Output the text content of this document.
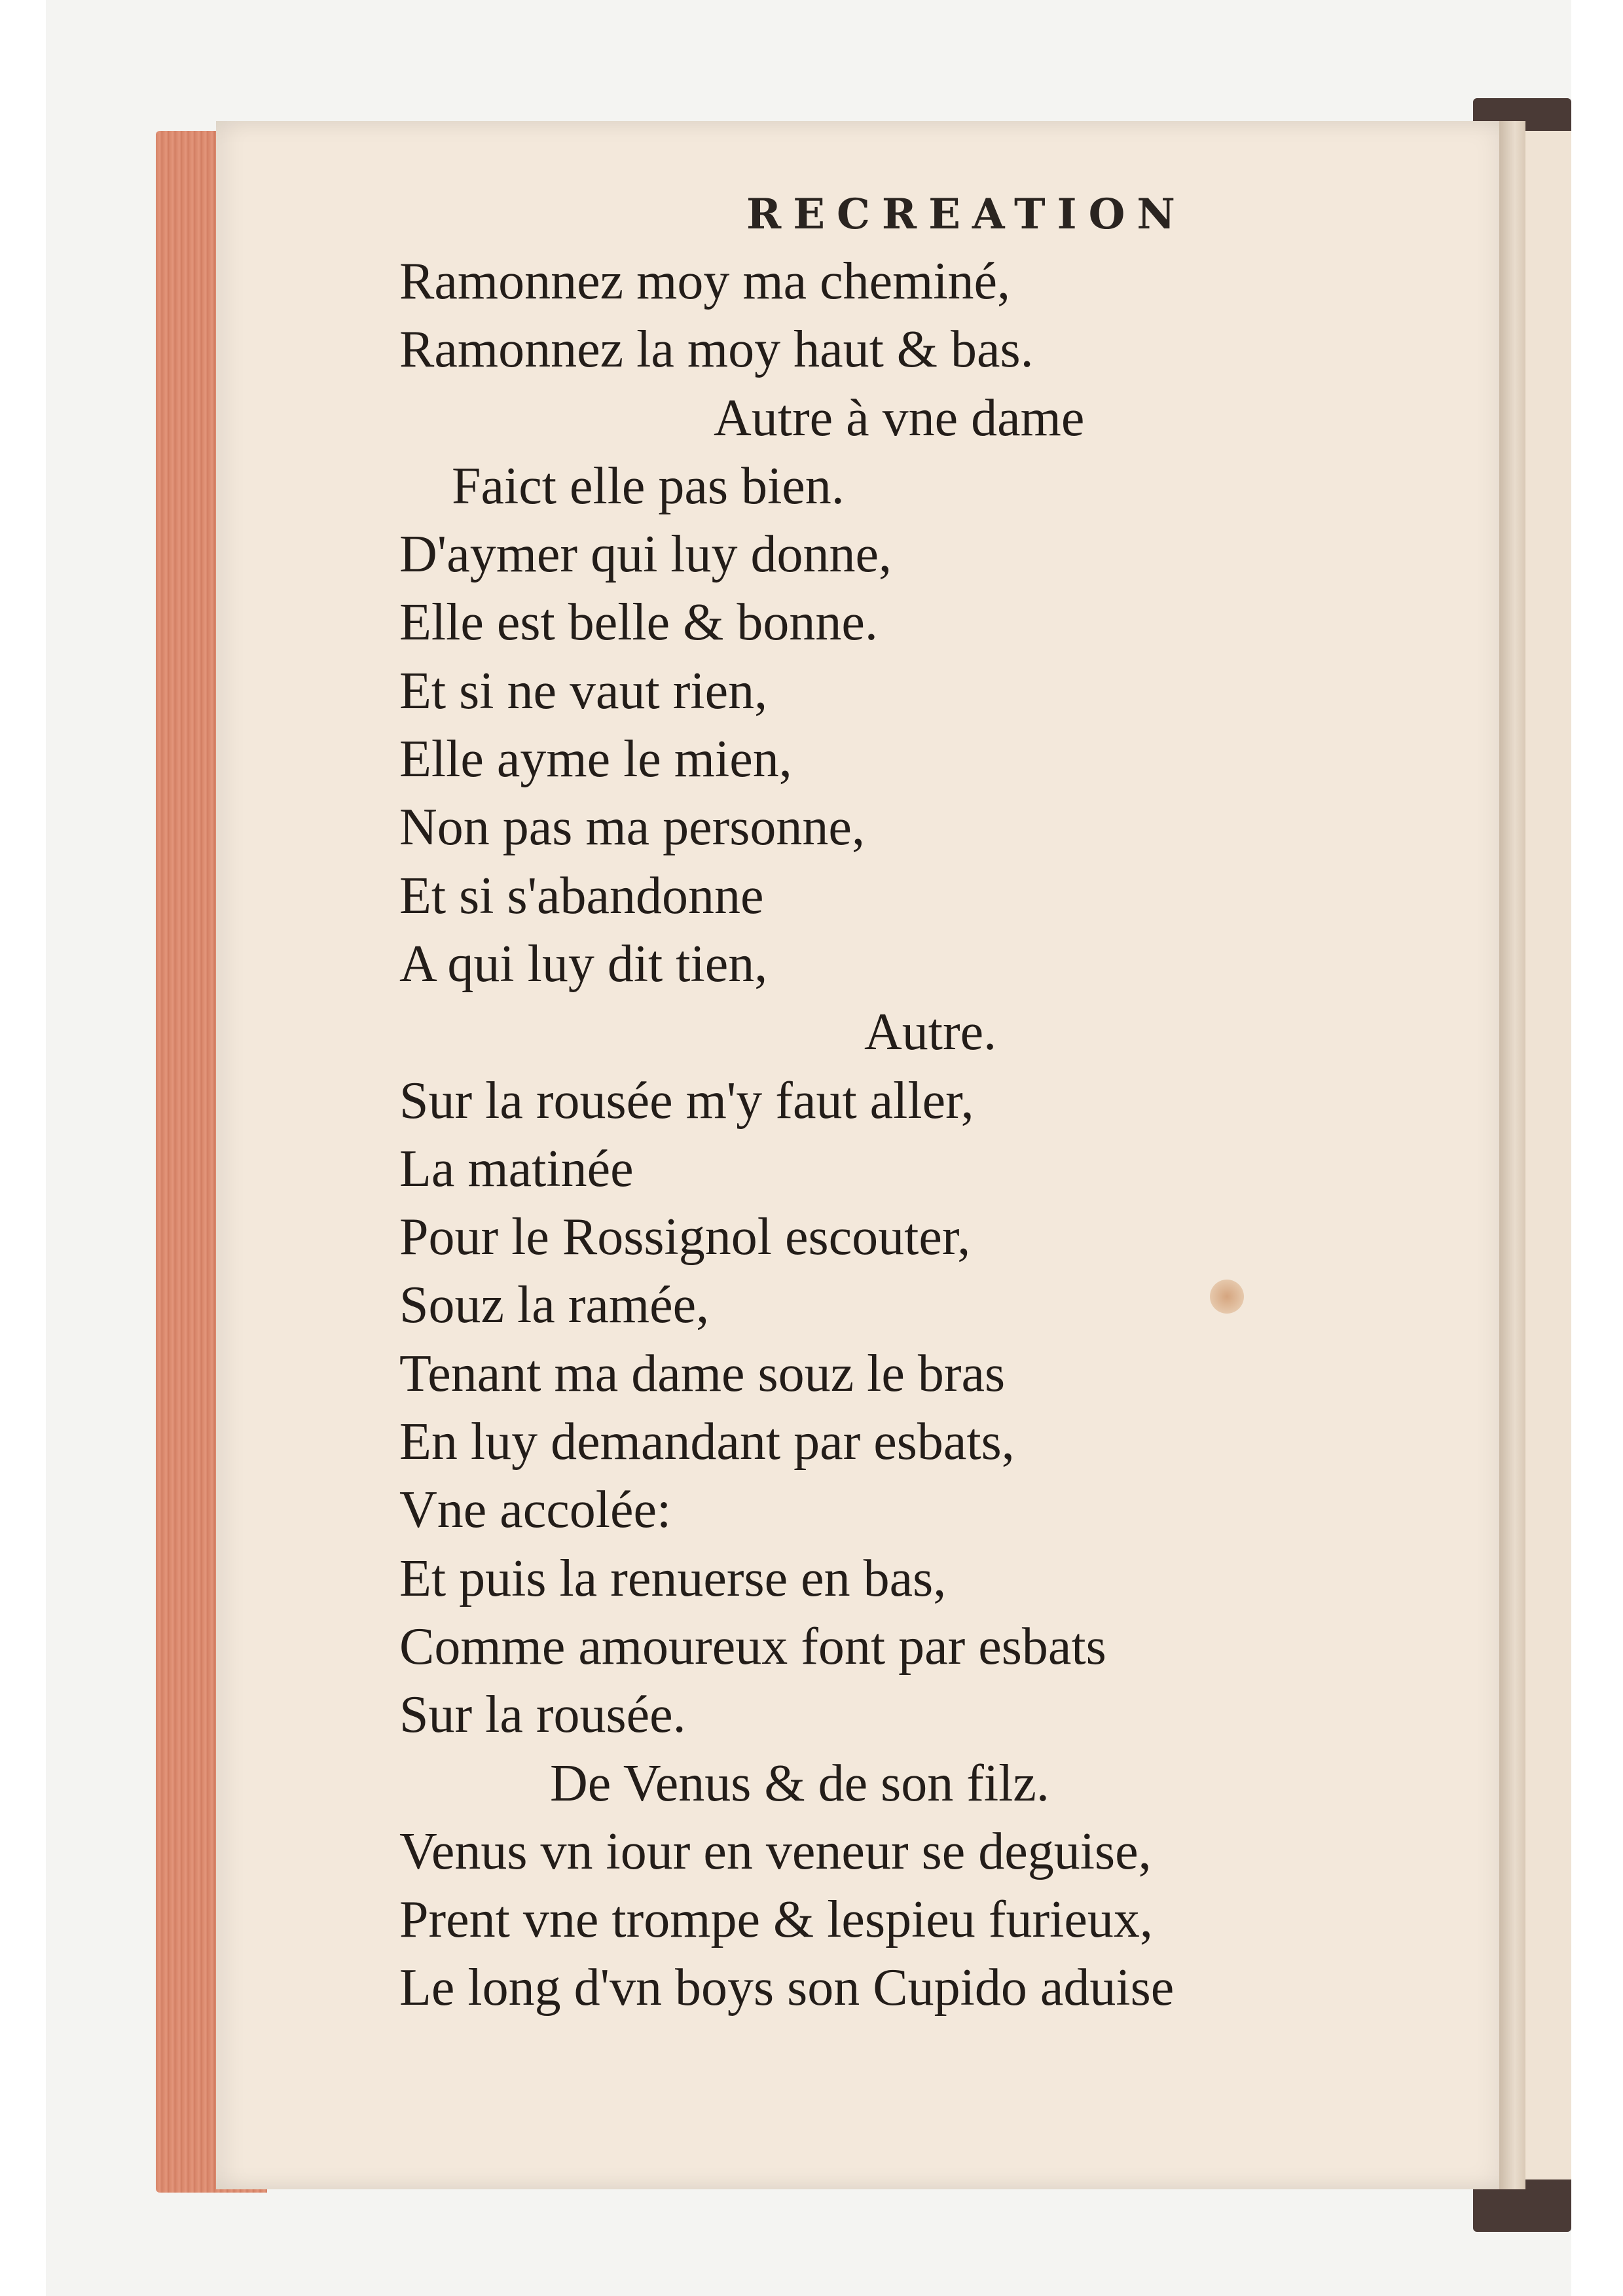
RECREATION
Ramonnez moy ma cheminé,
Ramonnez la moy haut & bas.
Autre à vne dame
Faict elle pas bien.
D'aymer qui luy donne,
Elle est belle & bonne.
Et si ne vaut rien,
Elle ayme le mien,
Non pas ma personne,
Et si s'abandonne
A qui luy dit tien,
Autre.
Sur la rousée m'y faut aller,
La matinée
Pour le Rossignol escouter,
Souz la ramée,
Tenant ma dame souz le bras
En luy demandant par esbats,
Vne accolée:
Et puis la renuerse en bas,
Comme amoureux font par esbats
Sur la rousée.
De Venus & de son filz.
Venus vn iour en veneur se deguise,
Prent vne trompe & lespieu furieux,
Le long d'vn boys son Cupido aduise
